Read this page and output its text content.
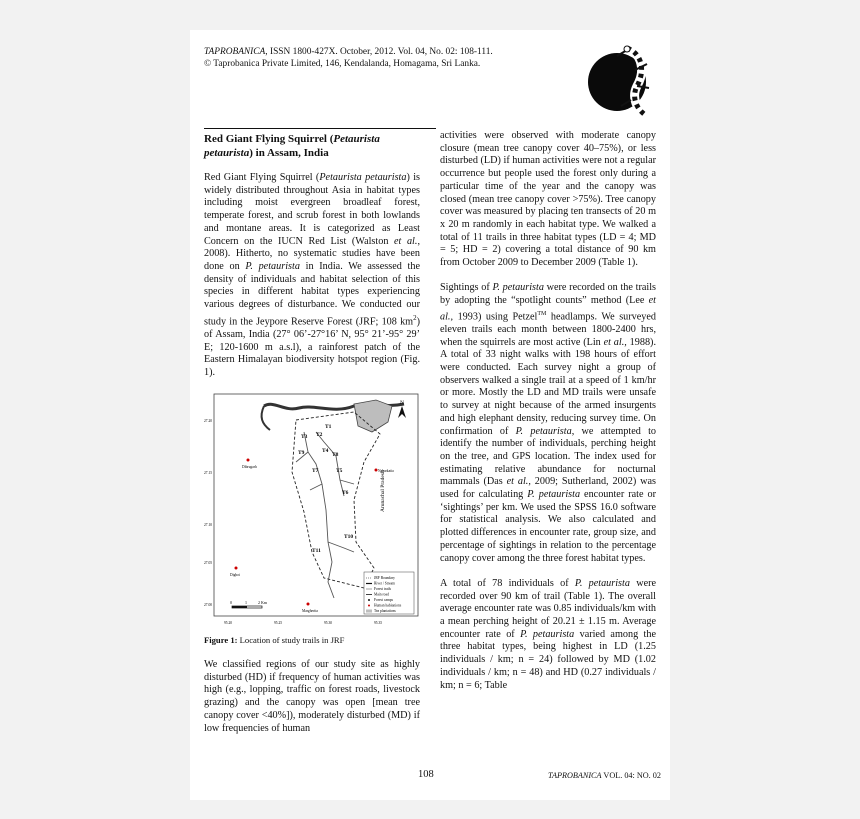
TAPROBANICA, ISSN 1800-427X. October, 2012. Vol. 04, No. 02: 108-111.
© Taprobanica Private Limited, 146, Kendalanda, Homagama, Sri Lanka.
Red Giant Flying Squirrel (Petaurista petaurista) in Assam, India

Red Giant Flying Squirrel (Petaurista petaurista) is widely distributed throughout Asia in habitat types including moist evergreen broadleaf forest, temperate forest, and scrub forest in both lowlands and montane areas. It is categorized as Least Concern on the IUCN Red List (Walston et al., 2008). Hitherto, no systematic studies have been done on P. petaurista in India. We assessed the density of individuals and habitat selection of this species in different habitat types experiencing various degrees of disturbance. We conducted our study in the Jeypore Reserve Forest (JRF; 108 $km^2$) of Assam, India (27° 06’-27°16’ N, 95° 21’-95° 29’ E; 120-1600 m a.s.l), a rainforest patch of the Eastern Himalayan biodiversity hotspot region (Fig. 1).

T1
T2
T3
T4
T5
T6
T7
T8
T9
T10
T11
Arunachal Pradesh
N
Dibrugarh
Naharkatia
Digboi
Margherita
27.20
27.15
27.10
27.05
27.00
95.20	95.25	95.30	95.35
0	1	2 Km
JRF Boundary
River / Stream
Forest trails
Main road
Forest camps
Human habitations
Tea plantations
Figure 1: Location of study trails in JRF

We classified regions of our study site as highly disturbed (HD) if frequency of human activities was high (e.g., lopping, traffic on forest roads, livestock grazing) and the canopy was open [mean tree canopy cover <40%]), moderately disturbed (MD) if low frequencies of human

activities were observed with moderate canopy closure (mean tree canopy cover 40–75%), or less disturbed (LD) if human activities were not a regular occurrence but people used the forest only during a particular time of the year and the canopy was closed (mean tree canopy cover >75%). Tree canopy cover was measured by placing ten transects of 20 m x 20 m randomly in each habitat type. We walked a total of 11 trails in three habitat types (LD = 4; MD = 5; HD = 2) covering a total distance of 90 km from October 2009 to December 2009 (Table 1).

Sightings of P. petaurista were recorded on the trails by adopting the “spotlight counts” method (Lee et al., 1993) using Petzel™ headlamps. We surveyed eleven trails each month between 1800-2400 hrs, when the squirrels are most active (Lin et al., 1988). A total of 33 night walks with 198 hours of effort were conducted. Each survey night a group of observers walked a single trail at a speed of 1 km/hr or more. Mostly the LD and MD trails were unsafe to survey at night because of the armed insurgents and high elephant density, reducing survey time. On confirmation of P. petaurista, we attempted to identify the number of individuals, perching height on the tree, and GPS location. The index used for estimating relative abundance for nocturnal mammals (Das et al., 2009; Sutherland, 2002) was used for calculating P. petaurista encounter rate or ‘sightings’ per km. We used the SPSS 16.0 software for statistical analysis. We also calculated and plotted differences in encounter rate, group size, and percentage of sightings in relation to the percentage canopy cover among the three forest habitat types.

A total of 78 individuals of P. petaurista were recorded over 90 km of trail (Table 1). The overall average encounter rate was 0.85 individuals/km with a mean perching height of 20.21 ± 1.15 m. Average encounter rate of P. petaurista varied among the three habitat types, being highest in LD (1.25 individuals / km; n = 24) followed by MD (1.02 individuals / km; n = 48) and HD (0.27 individuals / km; n = 6; Table

108	TAPROBANICA VOL. 04: NO. 02
